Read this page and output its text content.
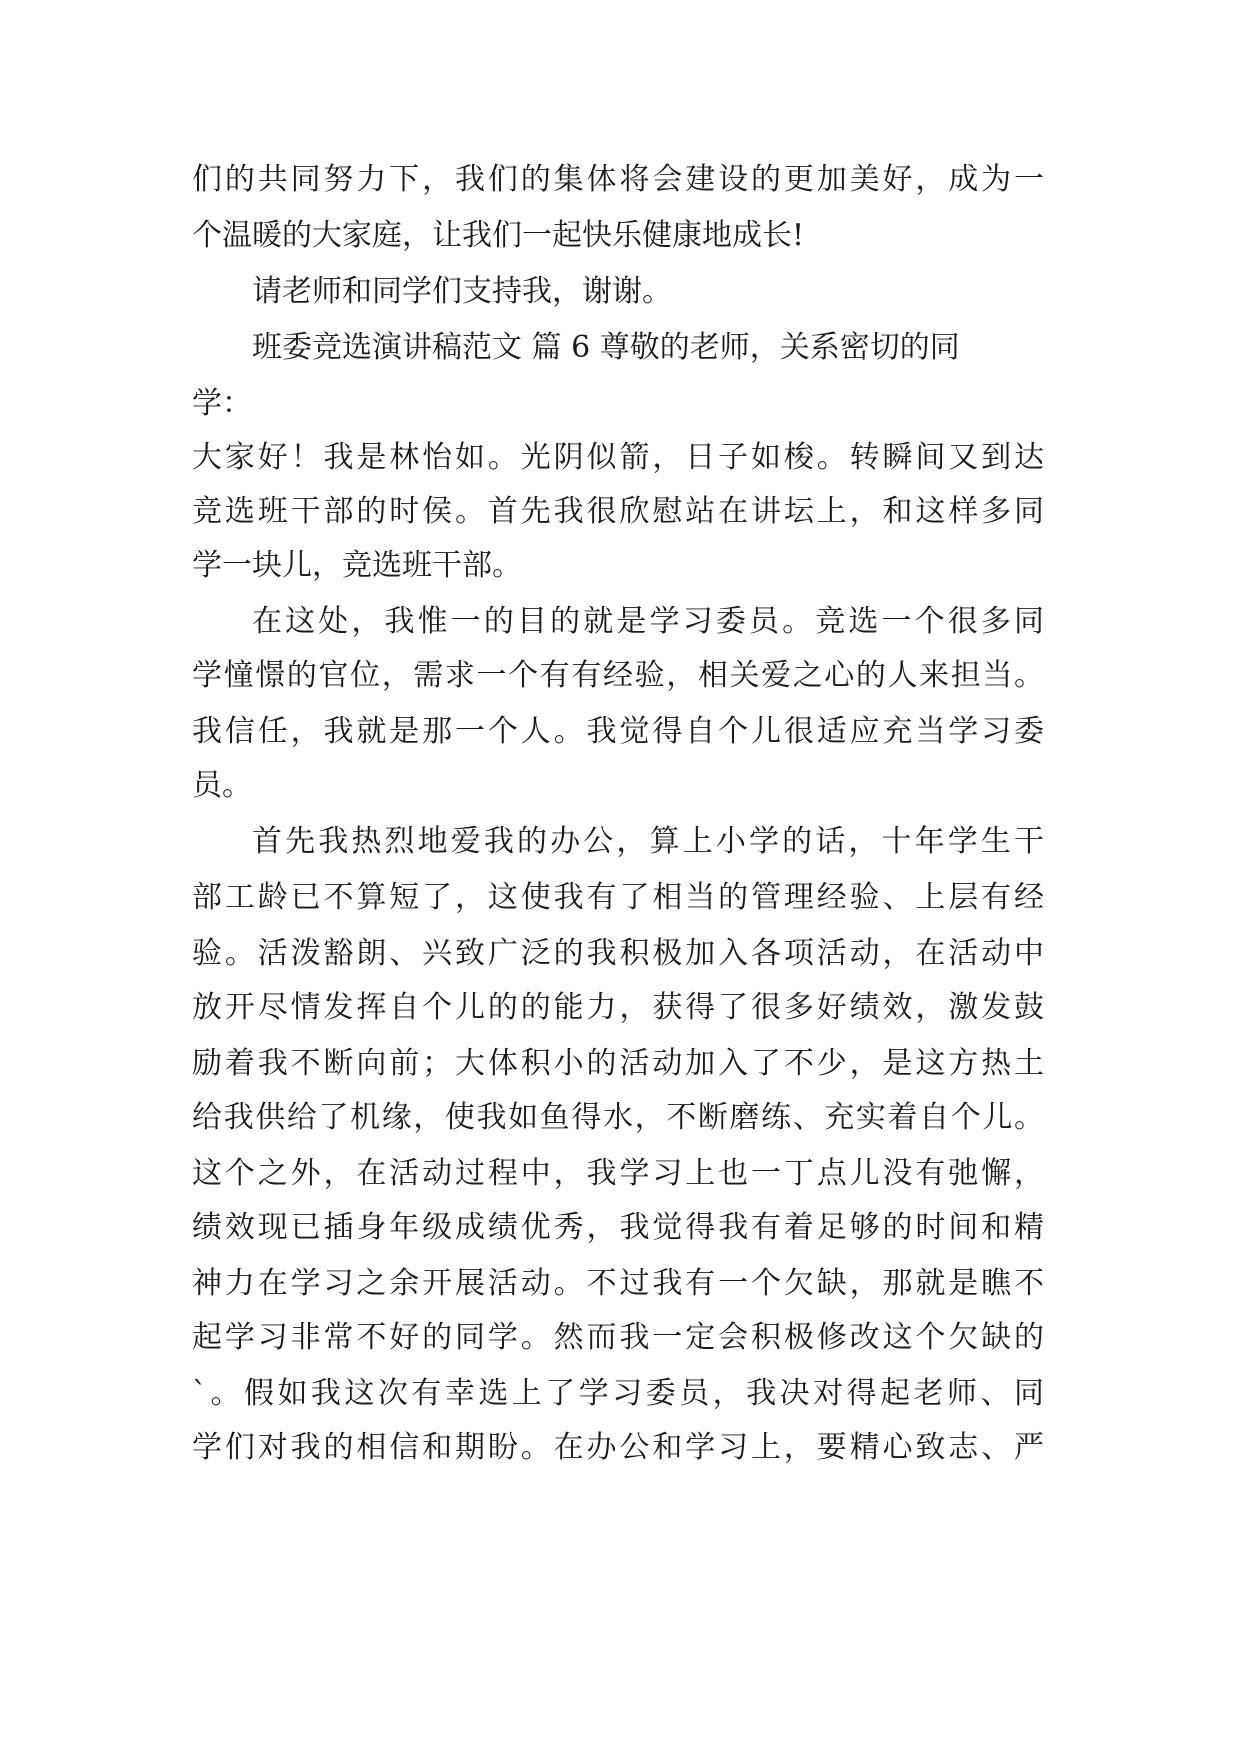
们的共同努力下，我们的集体将会建设的更加美好，成为一
个温暖的大家庭，让我们一起快乐健康地成长!
请老师和同学们支持我，谢谢。
班委竞选演讲稿范文 篇 6 尊敬的老师，关系密切的同
学：
大家好！我是林怡如。光阴似箭，日子如梭。转瞬间又到达
竞选班干部的时侯。首先我很欣慰站在讲坛上，和这样多同
学一块儿，竞选班干部。
在这处，我惟一的目的就是学习委员。竞选一个很多同
学憧憬的官位，需求一个有有经验，相关爱之心的人来担当。
我信任，我就是那一个人。我觉得自个儿很适应充当学习委
员。
首先我热烈地爱我的办公，算上小学的话，十年学生干
部工龄已不算短了，这使我有了相当的管理经验、上层有经
验。活泼豁朗、兴致广泛的我积极加入各项活动，在活动中
放开尽情发挥自个儿的的能力，获得了很多好绩效，激发鼓
励着我不断向前；大体积小的活动加入了不少，是这方热土
给我供给了机缘，使我如鱼得水，不断磨练、充实着自个儿。
这个之外，在活动过程中，我学习上也一丁点儿没有弛懈，
绩效现已插身年级成绩优秀，我觉得我有着足够的时间和精
神力在学习之余开展活动。不过我有一个欠缺，那就是瞧不
起学习非常不好的同学。然而我一定会积极修改这个欠缺的
`。假如我这次有幸选上了学习委员，我决对得起老师、同
学们对我的相信和期盼。在办公和学习上，要精心致志、严
